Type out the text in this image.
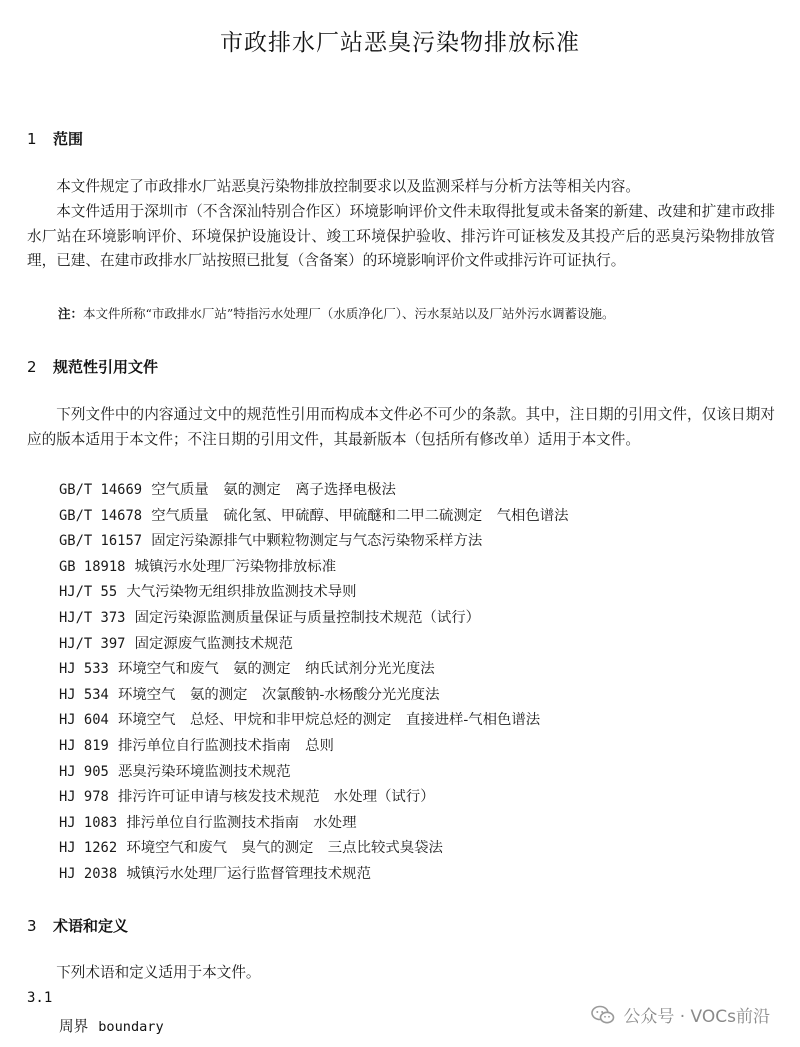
市政排水厂站恶臭污染物排放标准
1 范围
本文件规定了市政排水厂站恶臭污染物排放控制要求以及监测采样与分析方法等相关内容。
本文件适用于深圳市（不含深汕特别合作区）环境影响评价文件未取得批复或未备案的新建、改建和扩建市政排水厂站在环境影响评价、环境保护设施设计、竣工环境保护验收、排污许可证核发及其投产后的恶臭污染物排放管理，已建、在建市政排水厂站按照已批复（含备案）的环境影响评价文件或排污许可证执行。
注：本文件所称“市政排水厂站”特指污水处理厂（水质净化厂）、污水泵站以及厂站外污水调蓄设施。
2 规范性引用文件
下列文件中的内容通过文中的规范性引用而构成本文件必不可少的条款。其中，注日期的引用文件，仅该日期对应的版本适用于本文件；不注日期的引用文件，其最新版本（包括所有修改单）适用于本文件。
GB/T 14669 空气质量　氨的测定　离子选择电极法
GB/T 14678 空气质量　硫化氢、甲硫醇、甲硫醚和二甲二硫测定　气相色谱法
GB/T 16157 固定污染源排气中颗粒物测定与气态污染物采样方法
GB 18918 城镇污水处理厂污染物排放标准
HJ/T 55 大气污染物无组织排放监测技术导则
HJ/T 373 固定污染源监测质量保证与质量控制技术规范（试行）
HJ/T 397 固定源废气监测技术规范
HJ 533 环境空气和废气　氨的测定　纳氏试剂分光光度法
HJ 534 环境空气　氨的测定　次氯酸钠-水杨酸分光光度法
HJ 604 环境空气　总烃、甲烷和非甲烷总烃的测定　直接进样-气相色谱法
HJ 819 排污单位自行监测技术指南　总则
HJ 905 恶臭污染环境监测技术规范
HJ 978 排污许可证申请与核发技术规范　水处理（试行）
HJ 1083 排污单位自行监测技术指南　水处理
HJ 1262 环境空气和废气　臭气的测定　三点比较式臭袋法
HJ 2038 城镇污水处理厂运行监督管理技术规范
3 术语和定义
下列术语和定义适用于本文件。
3.1
周界 boundary	公众号 · VOCs前沿
